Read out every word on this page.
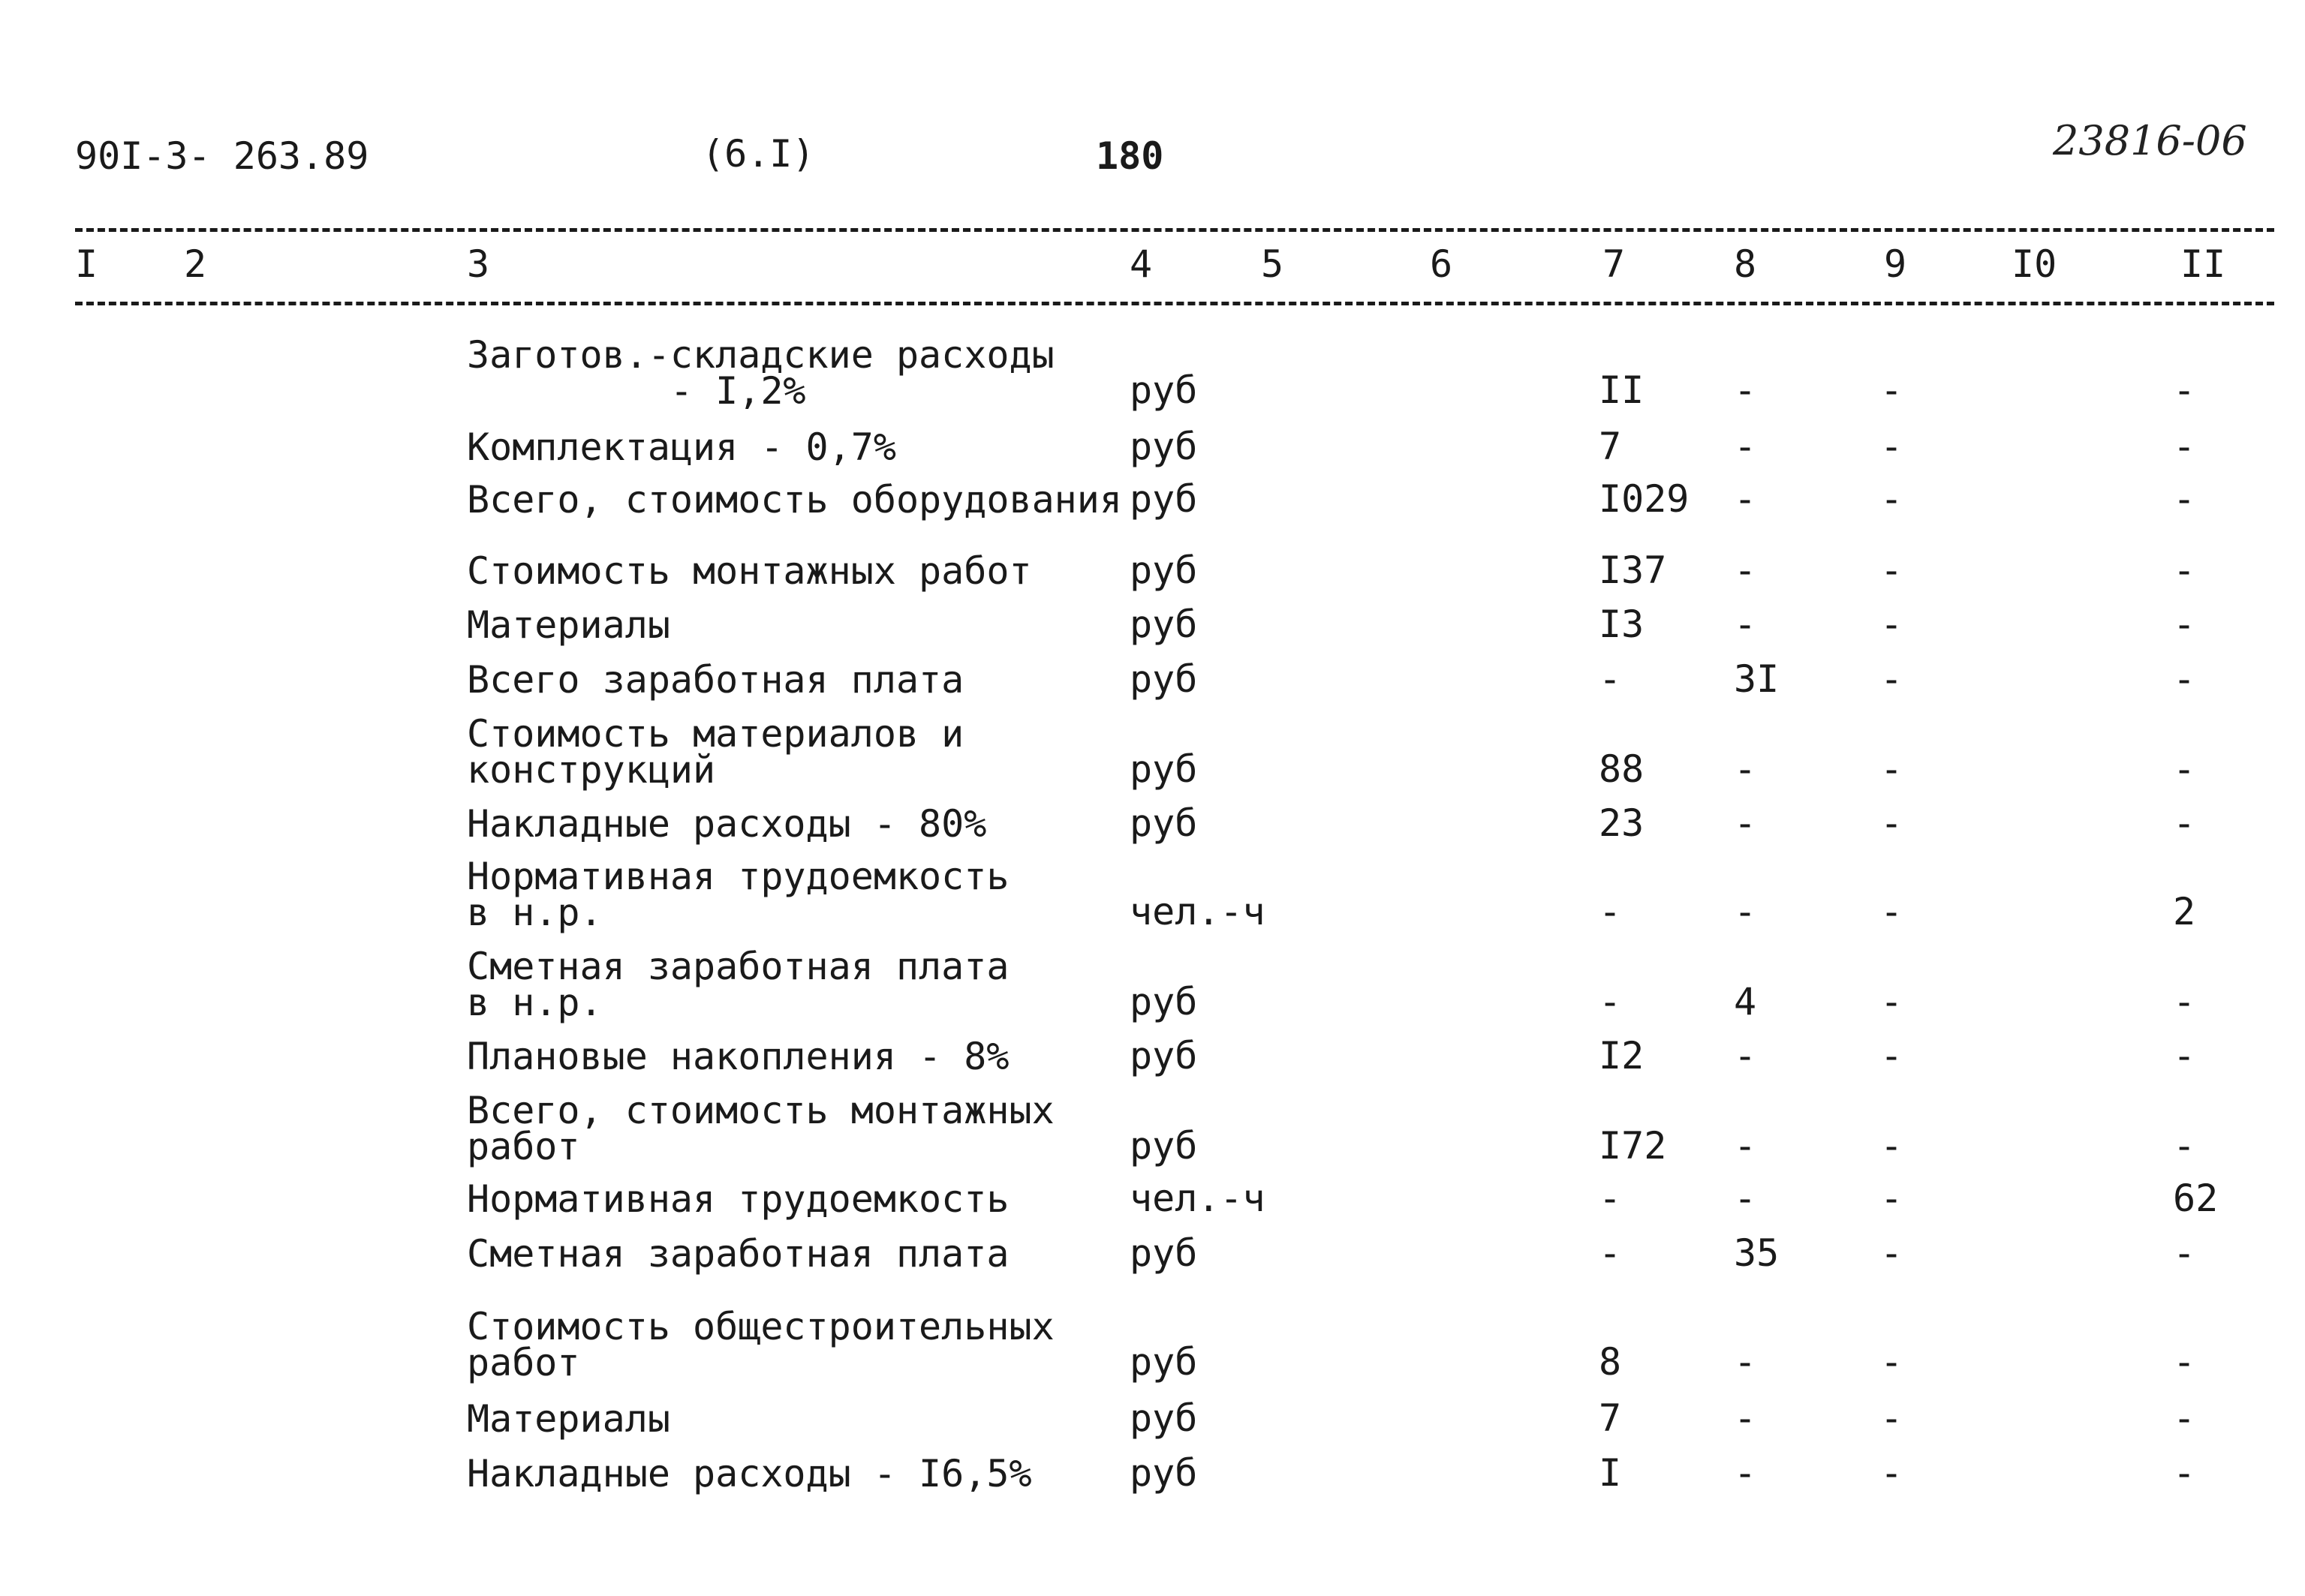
90I-3- 263.89	(6.I)	180	23816-06
I 2	3	4	5	6	7	8	9	I0	II
Заготов.-складские расходы
- I,2%	руб	II -	-	-
Комплектация - 0,7%	руб	7	-	-	-
Всего, стоимость оборудования руб	I029 -	-	-
Стоимость монтажных работ	руб	I37 -	-	-
Материалы	руб	I3 -	-	-
Всего заработная плата	руб	-	3I	-	-
Стоимость материалов и
конструкций	руб	88 -	-	-
Накладные расходы - 80%	руб	23 -	-	-
Нормативная трудоемкость
в н.р.	чел.-ч	-	-	-	2
Сметная заработная плата
в н.р.	руб	-	4	-	-
Плановые накопления - 8%	руб	I2 -	-	-
Всего, стоимость монтажных
работ	руб	I72 -	-	-
Нормативная трудоемкость	чел.-ч	-	-	-	62
Сметная заработная плата	руб	-	35	-	-
Стоимость общестроительных
работ	руб	8	-	-	-
Материалы	руб	7	-	-	-
Накладные расходы - I6,5%	руб	I	-	-	-
